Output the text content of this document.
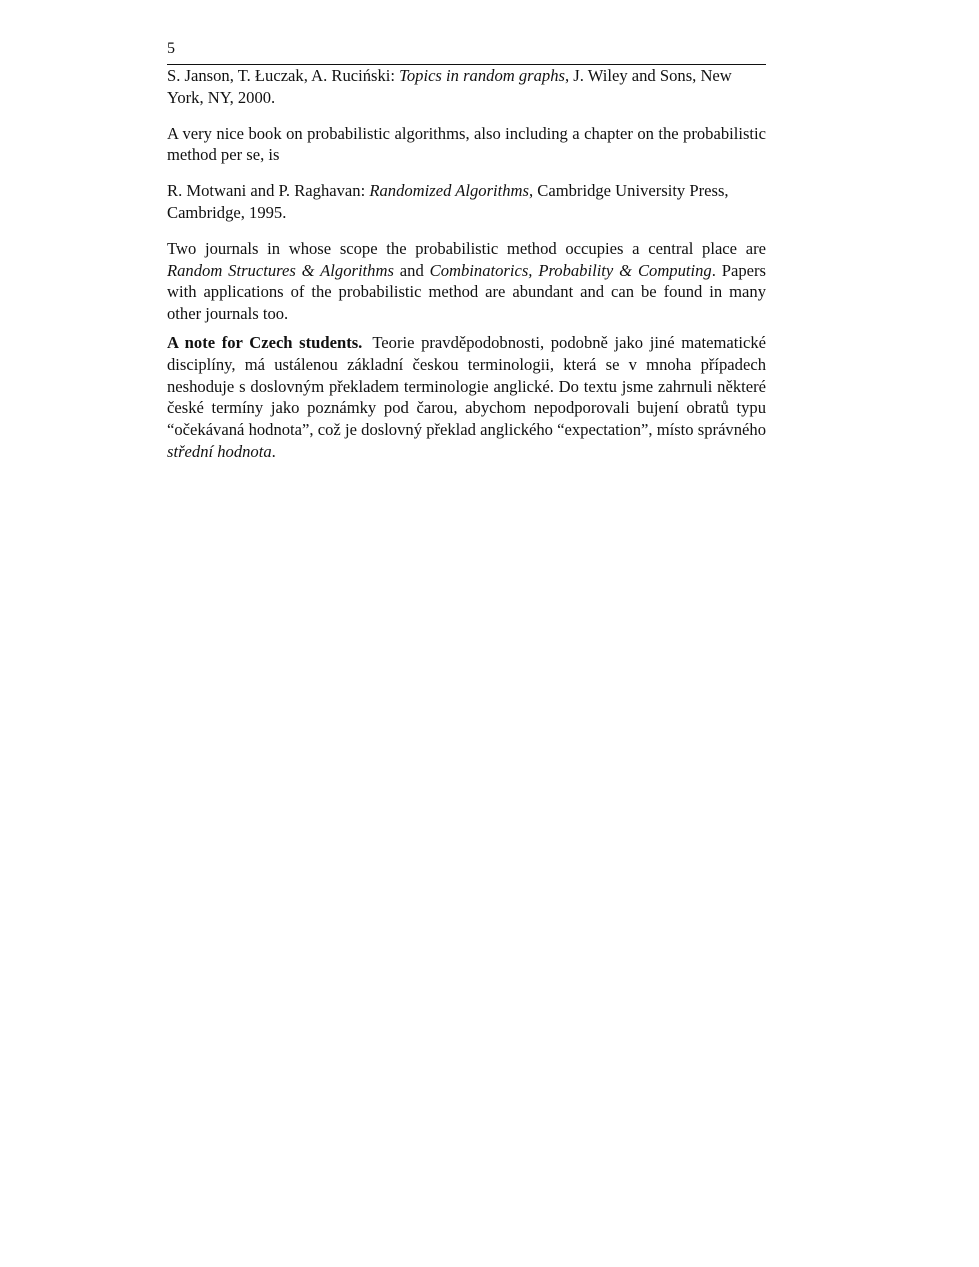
5

S. Janson, T. Łuczak, A. Ruciński: Topics in random graphs, J. Wiley and Sons, New York, NY, 2000.

A very nice book on probabilistic algorithms, also including a chapter on the probabilistic method per se, is

R. Motwani and P. Raghavan: Randomized Algorithms, Cambridge University Press, Cambridge, 1995.

Two journals in whose scope the probabilistic method occupies a central place are Random Structures & Algorithms and Combinatorics, Probability & Computing. Papers with applications of the probabilistic method are abundant and can be found in many other journals too.

A note for Czech students. Teorie pravděpodobnosti, podobně jako jiné matematické disciplíny, má ustálenou základní českou terminologii, která se v mnoha případech neshoduje s doslovným překladem terminologie anglické. Do textu jsme zahrnuli některé české termíny jako poznámky pod čarou, abychom nepodporovali bujení obratů typu “očekávaná hodnota”, což je doslovný překlad anglického “expectation”, místo správného střední hodnota.
